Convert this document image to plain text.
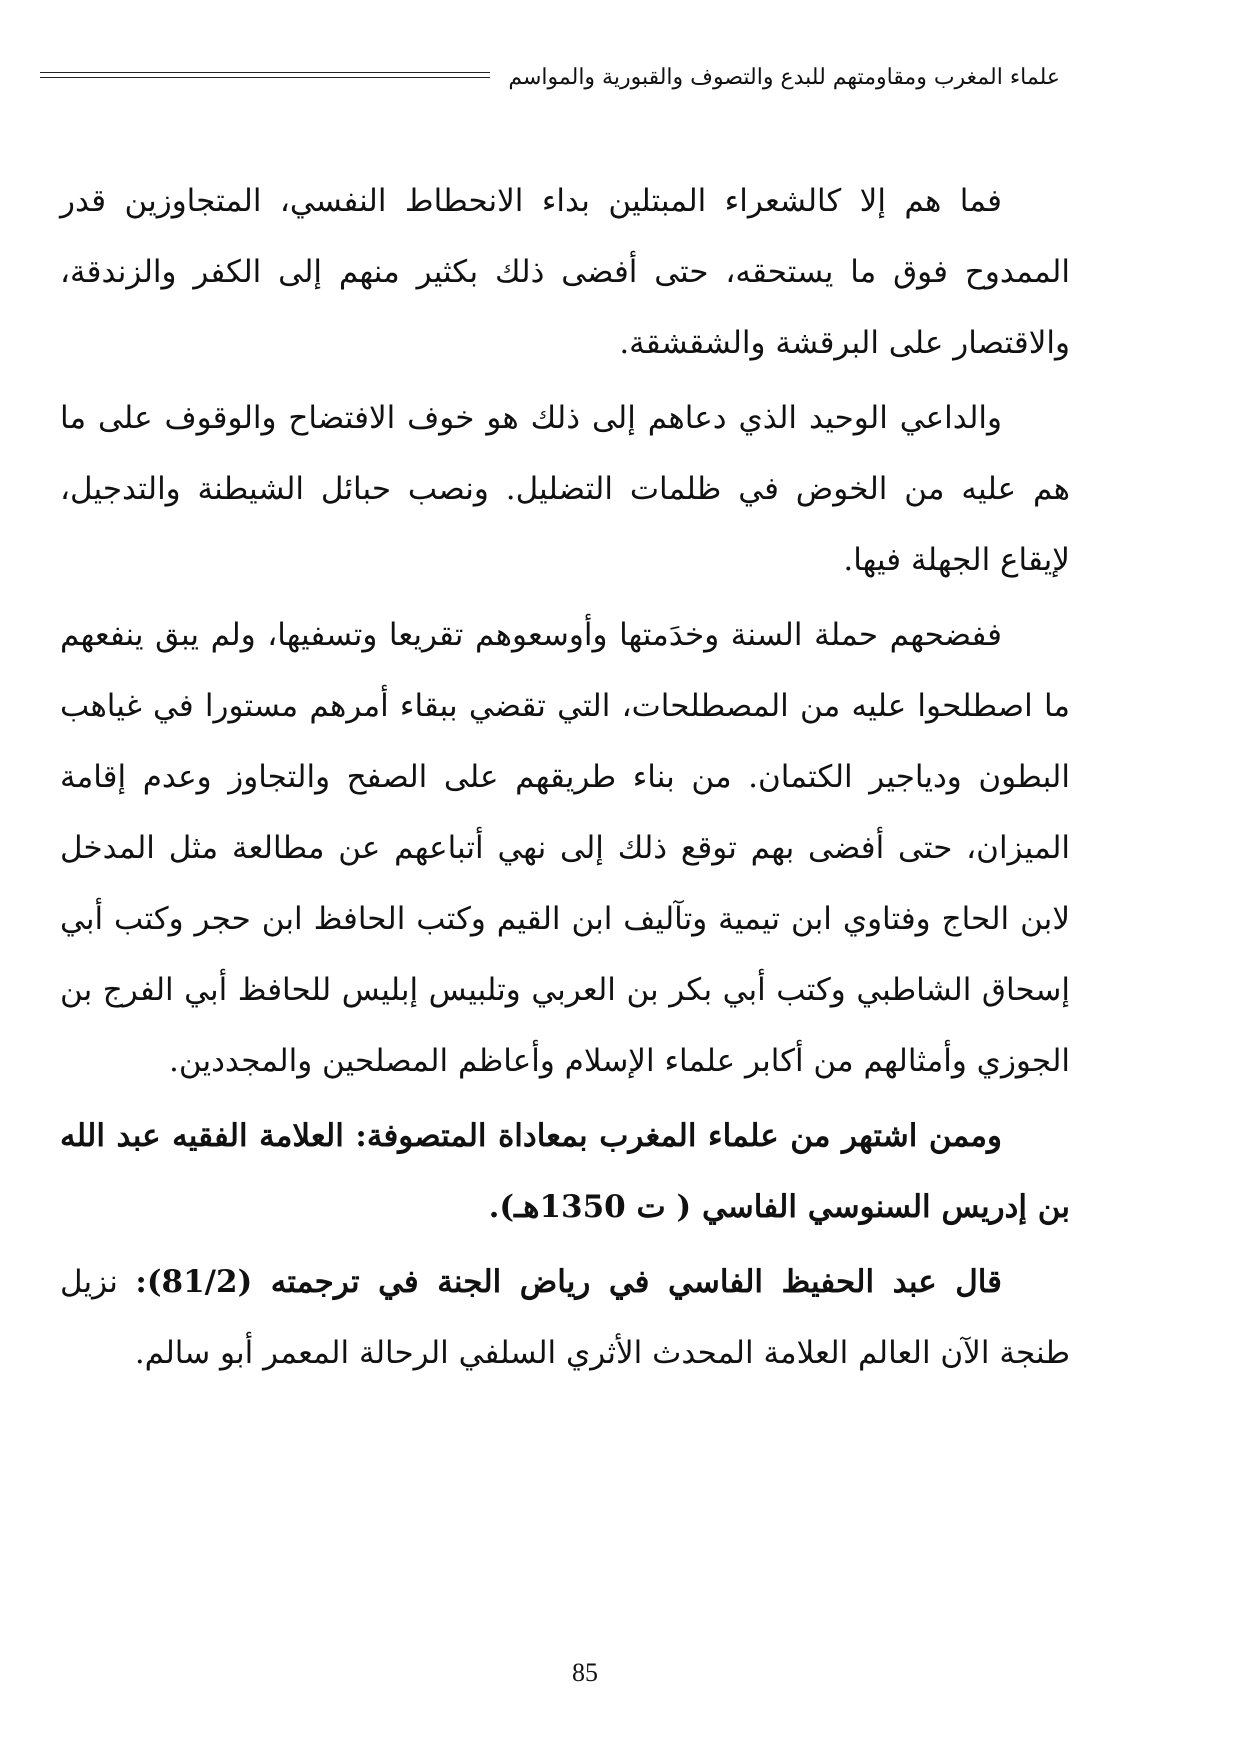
علماء المغرب ومقاومتهم للبدع والتصوف والقبورية والمواسم

فما هم إلا كالشعراء المبتلين بداء الانحطاط النفسي، المتجاوزين قدر الممدوح فوق ما يستحقه، حتى أفضى ذلك بكثير منهم إلى الكفر والزندقة، والاقتصار على البرقشة والشقشقة.

والداعي الوحيد الذي دعاهم إلى ذلك هو خوف الافتضاح والوقوف على ما هم عليه من الخوض في ظلمات التضليل. ونصب حبائل الشيطنة والتدجيل، لإيقاع الجهلة فيها.

ففضحهم حملة السنة وخدَمتها وأوسعوهم تقريعا وتسفيها، ولم يبق ينفعهم ما اصطلحوا عليه من المصطلحات، التي تقضي ببقاء أمرهم مستورا في غياهب البطون ودياجير الكتمان. من بناء طريقهم على الصفح والتجاوز وعدم إقامة الميزان، حتى أفضى بهم توقع ذلك إلى نهي أتباعهم عن مطالعة مثل المدخل لابن الحاج وفتاوي ابن تيمية وتآليف ابن القيم وكتب الحافظ ابن حجر وكتب أبي إسحاق الشاطبي وكتب أبي بكر بن العربي وتلبيس إبليس للحافظ أبي الفرج بن الجوزي وأمثالهم من أكابر علماء الإسلام وأعاظم المصلحين والمجددين.

وممن اشتهر من علماء المغرب بمعاداة المتصوفة: العلامة الفقيه عبد الله بن إدريس السنوسي الفاسي ( ت 1350هـ).

قال عبد الحفيظ الفاسي في رياض الجنة في ترجمته (81/2): نزيل طنجة الآن العالم العلامة المحدث الأثري السلفي الرحالة المعمر أبو سالم.

85
